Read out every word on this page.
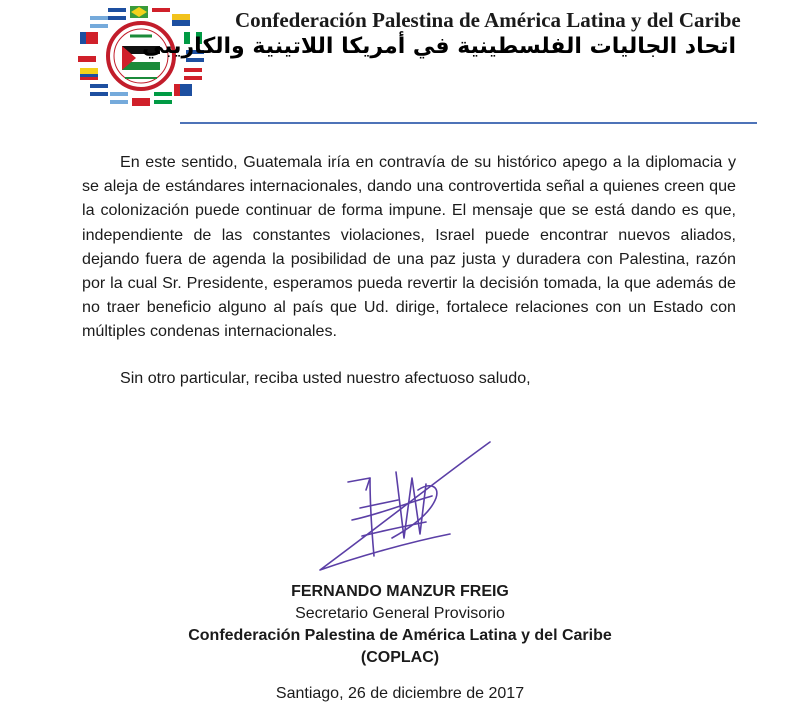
Confederación Palestina de América Latina y del Caribe
اتحاد الجاليات الفلسطينية في أمريكا اللاتينية والكاريبي

En este sentido, Guatemala iría en contravía de su histórico apego a la diplomacia y se aleja de estándares internacionales, dando una controvertida señal a quienes creen que la colonización puede continuar de forma impune. El mensaje que se está dando es que, independiente de las constantes violaciones, Israel puede encontrar nuevos aliados, dejando fuera de agenda la posibilidad de una paz justa y duradera con Palestina, razón por la cual Sr. Presidente, esperamos pueda revertir la decisión tomada, la que además de no traer beneficio alguno al país que Ud. dirige, fortalece relaciones con un Estado con múltiples condenas internacionales.

Sin otro particular, reciba usted nuestro afectuoso saludo,

FERNANDO MANZUR FREIG
Secretario General Provisorio
Confederación Palestina de América Latina y del Caribe (COPLAC)
Santiago, 26 de diciembre de 2017
